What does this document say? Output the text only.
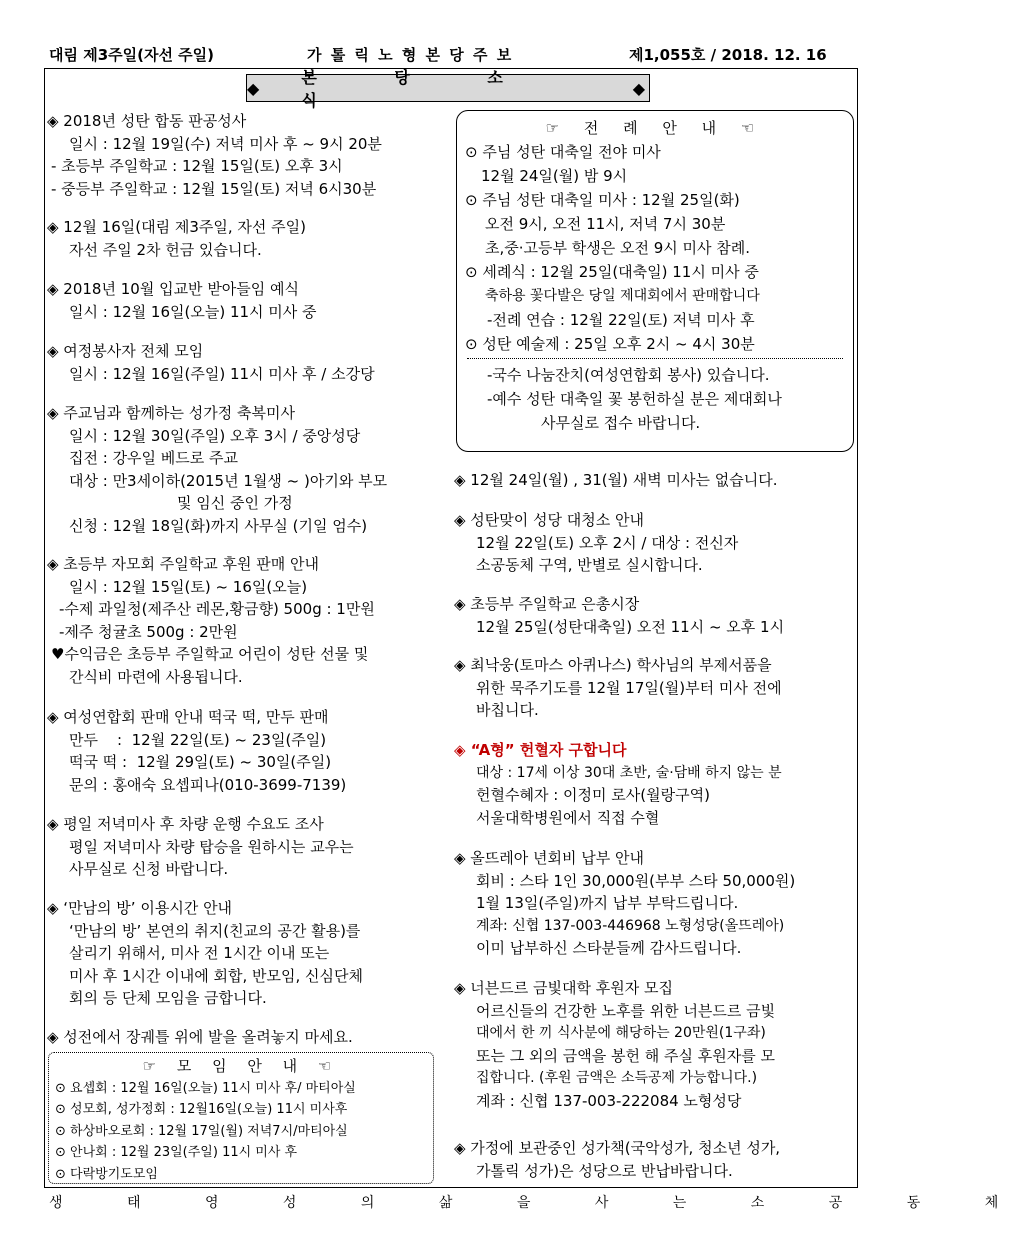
대림 제3주일(자선 주일)	가 톨 릭 노 형 본 당 주 보	제1,055호 / 2018. 12. 16
◆
본 당 소 식
◆
◈ 2018년 성탄 합동 판공성사
일시 : 12월 19일(수) 저녁 미사 후 ~ 9시 20분
- 초등부 주일학교 : 12월 15일(토) 오후 3시
- 중등부 주일학교 : 12월 15일(토) 저녁 6시30분
◈ 12월 16일(대림 제3주일, 자선 주일)
자선 주일 2차 헌금 있습니다.
◈ 2018년 10월 입교반 받아들임 예식
일시 : 12월 16일(오늘) 11시 미사 중
◈ 여정봉사자 전체 모임
일시 : 12월 16일(주일) 11시 미사 후 / 소강당
◈ 주교님과 함께하는 성가정 축복미사
일시 : 12월 30일(주일) 오후 3시 / 중앙성당
집전 : 강우일 베드로 주교
대상 : 만3세이하(2015년 1월생 ~ )아기와 부모
및 임신 중인 가정
신청 : 12월 18일(화)까지 사무실 (기일 엄수)
◈ 초등부 자모회 주일학교 후원 판매 안내
일시 : 12월 15일(토) ~ 16일(오늘)
-수제 과일청(제주산 레몬,황금향) 500g : 1만원
-제주 청귤초 500g : 2만원
♥수익금은 초등부 주일학교 어린이 성탄 선물 및
간식비 마련에 사용됩니다.
◈ 여성연합회 판매 안내 떡국 떡, 만두 판매
만두    :  12월 22일(토) ~ 23일(주일)
떡국 떡 :  12월 29일(토) ~ 30일(주일)
문의 : 홍애숙 요셉피나(010-3699-7139)
◈ 평일 저녁미사 후 차량 운행 수요도 조사
평일 저녁미사 차량 탑승을 원하시는 교우는
사무실로 신청 바랍니다.
◈ ‘만남의 방’ 이용시간 안내
‘만남의 방’ 본연의 취지(친교의 공간 활용)를
살리기 위해서, 미사 전 1시간 이내 또는
미사 후 1시간 이내에 회합, 반모임, 신심단체
회의 등 단체 모임을 금합니다.
◈ 성전에서 장궤틀 위에 발을 올려놓지 마세요.
☞ 모 임 안 내 ☜
⊙ 요셉회 : 12월 16일(오늘) 11시 미사 후/ 마티아실
⊙ 성모회, 성가정회 : 12월16일(오늘) 11시 미사후
⊙ 하상바오로회 : 12월 17일(월) 저녁7시/마티아실
⊙ 안나회 : 12월 23일(주일) 11시 미사 후
⊙ 다락방기도모임
☞ 전 례 안 내 ☜
⊙ 주님 성탄 대축일 전야 미사
12월 24일(월) 밤 9시
⊙ 주님 성탄 대축일 미사 : 12월 25일(화)
오전 9시, 오전 11시, 저녁 7시 30분
초,중·고등부 학생은 오전 9시 미사 참례.
⊙ 세례식 : 12월 25일(대축일) 11시 미사 중
축하용 꽃다발은 당일 제대회에서 판매합니다
-전례 연습 : 12월 22일(토) 저녁 미사 후
⊙ 성탄 예술제 : 25일 오후 2시 ~ 4시 30분
-국수 나눔잔치(여성연합회 봉사) 있습니다.
-예수 성탄 대축일 꽃 봉헌하실 분은 제대회나
사무실로 접수 바랍니다.
◈ 12월 24일(월) , 31(월) 새벽 미사는 없습니다.
◈ 성탄맞이 성당 대청소 안내
12월 22일(토) 오후 2시 / 대상 : 전신자
소공동체 구역, 반별로 실시합니다.
◈ 초등부 주일학교 은총시장
12월 25일(성탄대축일) 오전 11시 ~ 오후 1시
◈ 최낙웅(토마스 아퀴나스) 학사님의 부제서품을
위한 묵주기도를 12월 17일(월)부터 미사 전에
바칩니다.
◈ “A형” 헌혈자 구합니다
대상 : 17세 이상 30대 초반, 술·담배 하지 않는 분
헌혈수혜자 : 이정미 로사(월랑구역)
서울대학병원에서 직접 수혈
◈ 올뜨레아 년회비 납부 안내
회비 : 스타 1인 30,000원(부부 스타 50,000원)
1월 13일(주일)까지 납부 부탁드립니다.
계좌: 신협 137-003-446968 노형성당(올뜨레아)
이미 납부하신 스타분들께 감사드립니다.
◈ 너븐드르 금빛대학 후원자 모집
어르신들의 건강한 노후를 위한 너븐드르 금빛
대에서 한 끼 식사분에 해당하는 20만원(1구좌)
또는 그 외의 금액을 봉헌 해 주실 후원자를 모
집합니다. (후원 금액은 소득공제 가능합니다.)
계좌 : 신협 137-003-222084 노형성당
◈ 가정에 보관중인 성가책(국악성가, 청소년 성가,
가톨릭 성가)은 성당으로 반납바랍니다.
생 태 영 성 의 삶 을 사 는 소 공 동 체
